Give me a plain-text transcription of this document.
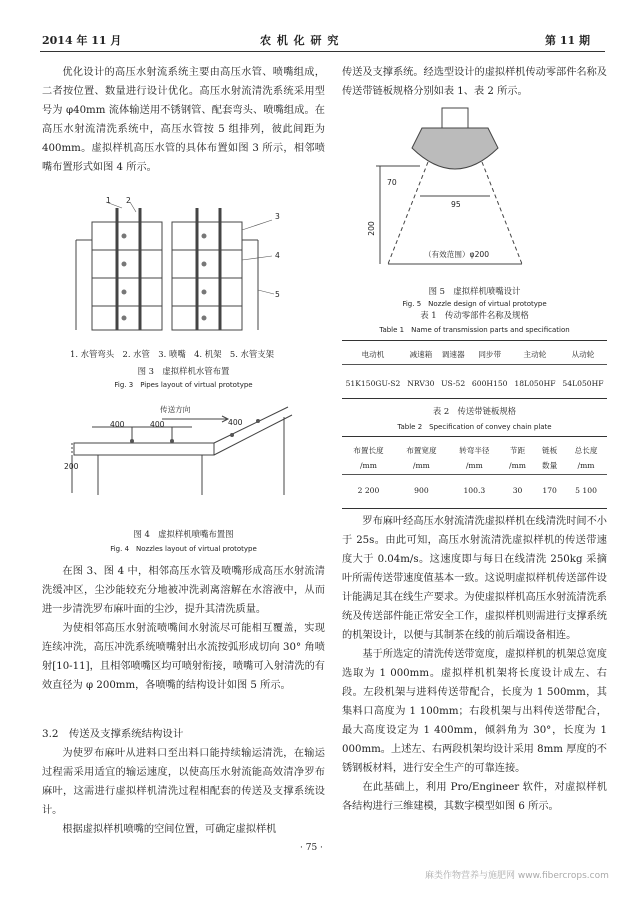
2014 年 11 月	农 机 化 研 究	第 11 期

优化设计的高压水射流系统主要由高压水管、喷嘴组成，二者按位置、数量进行设计优化。高压水射流清洗系统采用型号为 φ40mm 流体输送用不锈钢管、配套弯头、喷嘴组成。在高压水射流清洗系统中，高压水管按 5 组排列，彼此间距为 400mm。虚拟样机高压水管的具体布置如图 3 所示，相邻喷嘴布置形式如图 4 所示。

1 2
3
4
5
1. 水管弯头　2. 水管　3. 喷嘴　4. 机架　5. 水管支架
图 3　虚拟样机水管布置
Fig. 3　Pipes layout of virtual prototype
传送方向
400	400	400
200
图 4　虚拟样机喷嘴布置图
Fig. 4　Nozzles layout of virtual prototype

在图 3、图 4 中，相邻高压水管及喷嘴形成高压水射流清洗缓冲区，尘沙能较充分地被冲洗剥离溶解在水溶液中，从而进一步清洗罗布麻叶面的尘沙，提升其清洗质量。

为使相邻高压水射流喷嘴间水射流尽可能相互覆盖，实现连续冲洗，高压冲洗系统喷嘴射出水流按弧形成切向 30° 角喷射[10-11]，且相邻喷嘴区均可喷射衔接，喷嘴可入射清洗的有效直径为 φ 200mm，各喷嘴的结构设计如图 5 所示。

3.2　传送及支撑系统结构设计

为使罗布麻叶从进料口至出料口能持续输运清洗，在输运过程需采用适宜的输运速度，以使高压水射流能高效清净罗布麻叶，这需进行虚拟样机清洗过程相配套的传送及支撑系统设计。

根据虚拟样机喷嘴的空间位置，可确定虚拟样机

传送及支撑系统。经选型设计的虚拟样机传动零部件名称及传送带链板规格分别如表 1、表 2 所示。

70
95
200
（有效范围）φ200
图 5　虚拟样机喷嘴设计
Fig. 5　Nozzle design of virtual prototype
表 1　传动零部件名称及规格
Table 1　Name of transmission parts and specification
电动机	减速箱	调速器	同步带	主动轮	从动轮

51K150GU-S2	NRV30	US-52	600H150	18L050HF	54L050HF
表 2　传送带链板规格
Table 2　Specification of convey chain plate
布置长度	布置宽度	转弯半径	节距	链板	总长度
/mm	/mm	/mm	/mm	数量	/mm

2 200	900	100.3	30	170	5 100

罗布麻叶经高压水射流清洗虚拟样机在线清洗时间不小于 25s。由此可知，高压水射流清洗虚拟样机的传送带速度大于 0.04m/s。这速度即与每日在线清洗 250kg 采摘叶所需传送带速度值基本一致。这说明虚拟样机传送部件设计能满足其在线生产要求。为使虚拟样机高压水射流清洗系统及传送部件能正常安全工作，虚拟样机则需进行支撑系统的机架设计，以便与其制茶在线的前后端设备相连。

基于所选定的清洗传送带宽度，虚拟样机的机架总宽度选取为 1 000mm。虚拟样机机架将长度设计成左、右段。左段机架与进料传送带配合，长度为 1 500mm，其集料口高度为 1 100mm；右段机架与出料传送带配合，最大高度设定为 1 400mm，倾斜角为 30°，长度为 1 000mm。上述左、右两段机架均设计采用 8mm 厚度的不锈钢板材料，进行安全生产的可靠连接。

在此基础上，利用 Pro/Engineer 软件，对虚拟样机各结构进行三维建模，其数字模型如图 6 所示。

· 75 ·
麻类作物营养与施肥网 www.fibercrops.com
